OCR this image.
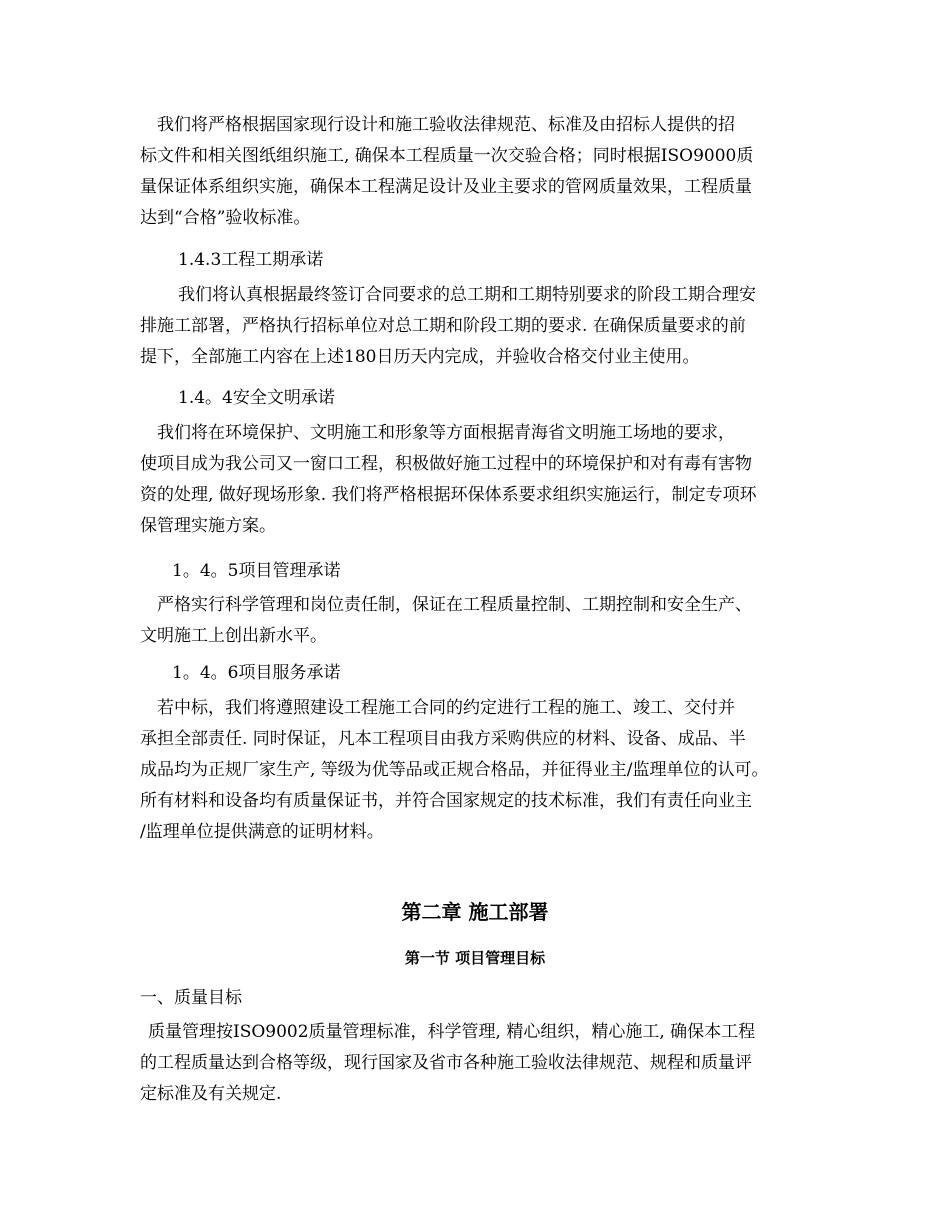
　我们将严格根据国家现行设计和施工验收法律规范、标准及由招标人提供的招
标文件和相关图纸组织施工, 确保本工程质量一次交验合格；同时根据ISO9000质
量保证体系组织实施，确保本工程满足设计及业主要求的管网质量效果，工程质量
达到“合格”验收标准。
1.4.3工程工期承诺
我们将认真根据最终签订合同要求的总工期和工期特别要求的阶段工期合理安
排施工部署，严格执行招标单位对总工期和阶段工期的要求. 在确保质量要求的前
提下，全部施工内容在上述180日历天内完成，并验收合格交付业主使用。
1.4。4安全文明承诺
　我们将在环境保护、文明施工和形象等方面根据青海省文明施工场地的要求，
使项目成为我公司又一窗口工程，积极做好施工过程中的环境保护和对有毒有害物
资的处理, 做好现场形象. 我们将严格根据环保体系要求组织实施运行，制定专项环
保管理实施方案。
1。4。5项目管理承诺
　严格实行科学管理和岗位责任制，保证在工程质量控制、工期控制和安全生产、
文明施工上创出新水平。
1。4。6项目服务承诺
　若中标，我们将遵照建设工程施工合同的约定进行工程的施工、竣工、交付并
承担全部责任. 同时保证，凡本工程项目由我方采购供应的材料、设备、成品、半
成品均为正规厂家生产, 等级为优等品或正规合格品，并征得业主/监理单位的认可。
所有材料和设备均有质量保证书，并符合国家规定的技术标准，我们有责任向业主
/监理单位提供满意的证明材料。
第二章 施工部署
第一节 项目管理目标
一、质量目标
质量管理按ISO9002质量管理标准，科学管理, 精心组织，精心施工, 确保本工程
的工程质量达到合格等级，现行国家及省市各种施工验收法律规范、规程和质量评
定标准及有关规定.
